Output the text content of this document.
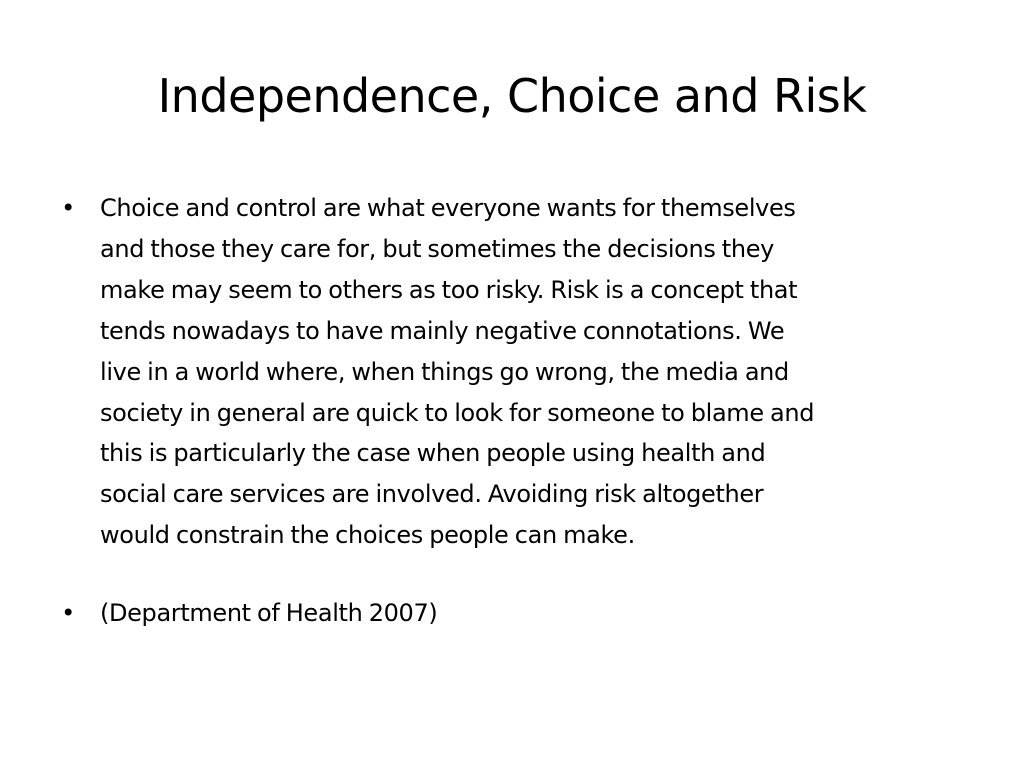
Independence, Choice and Risk
• Choice and control are what everyone wants for themselves
and those they care for, but sometimes the decisions they
make may seem to others as too risky. Risk is a concept that
tends nowadays to have mainly negative connotations. We
live in a world where, when things go wrong, the media and
society in general are quick to look for someone to blame and
this is particularly the case when people using health and
social care services are involved. Avoiding risk altogether
would constrain the choices people can make.
• (Department of Health 2007)
